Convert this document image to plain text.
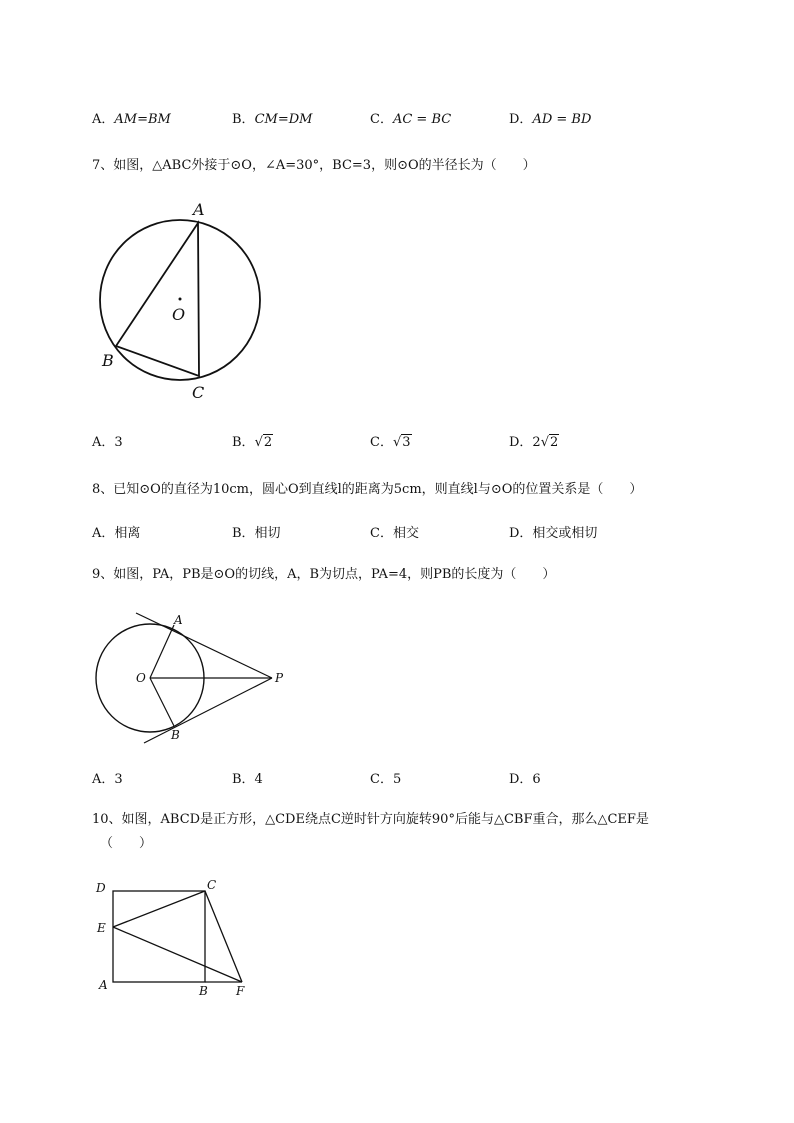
A．AM=BM	B．CM=DM	C．AC = BC	D．AD = BD
7、如图，△ABC外接于⊙O，∠A=30°，BC=3，则⊙O的半径长为（　　）
A
O
B
C
A．3	B．√2	C．√3	D．2√2
8、已知⊙O的直径为10cm，圆心O到直线l的距离为5cm，则直线l与⊙O的位置关系是（　　）
A．相离	B．相切	C．相交	D．相交或相切
9、如图，PA，PB是⊙O的切线，A，B为切点，PA=4，则PB的长度为（　　）
A
O	P
B
A．3	B．4	C．5	D．6
10、如图，ABCD是正方形，△CDE绕点C逆时针方向旋转90°后能与△CBF重合，那么△CEF是
（　　）
D	C
E
A	B F
